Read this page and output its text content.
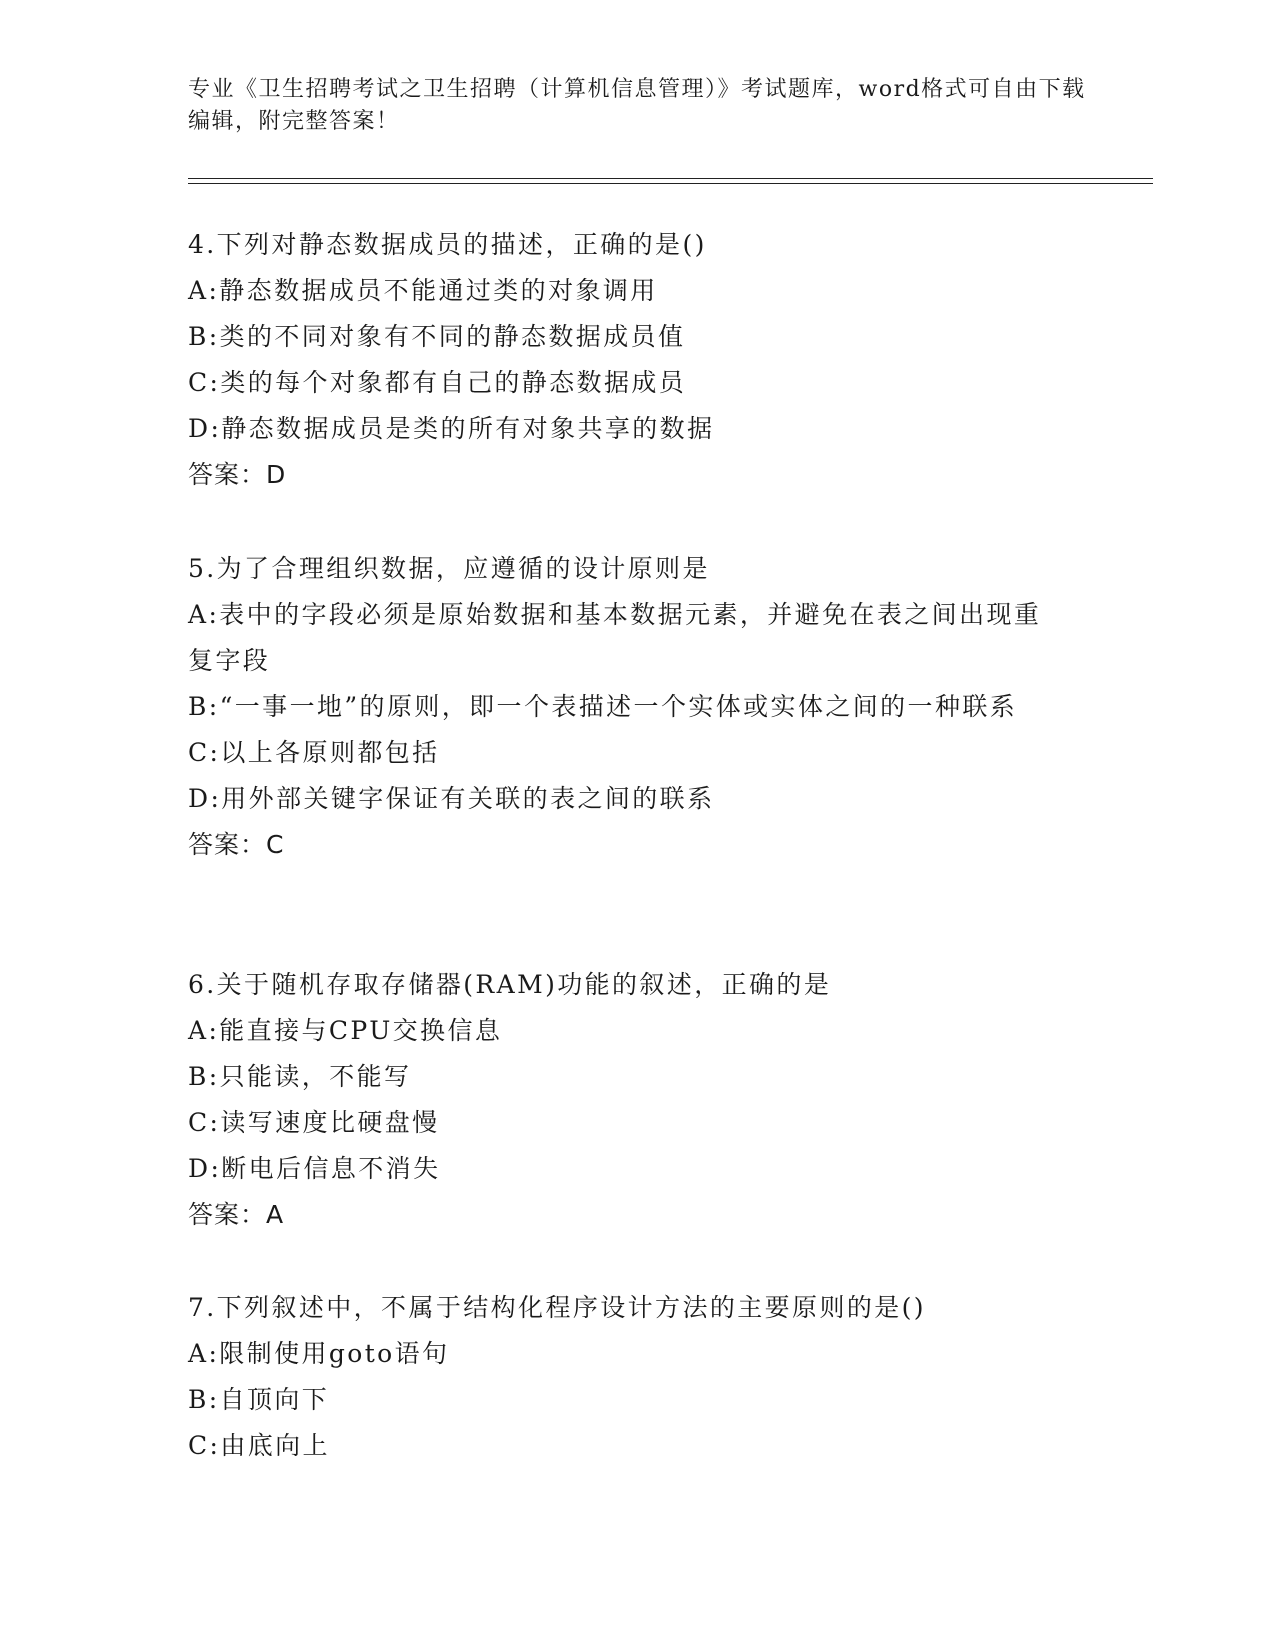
专业《卫生招聘考试之卫生招聘（计算机信息管理）》考试题库，word格式可自由下载编辑，附完整答案！
4.下列对静态数据成员的描述，正确的是()
A:静态数据成员不能通过类的对象调用
B:类的不同对象有不同的静态数据成员值
C:类的每个对象都有自己的静态数据成员
D:静态数据成员是类的所有对象共享的数据
答案：D
5.为了合理组织数据，应遵循的设计原则是
A:表中的字段必须是原始数据和基本数据元素，并避免在表之间出现重复字段
B:“一事一地”的原则，即一个表描述一个实体或实体之间的一种联系
C:以上各原则都包括
D:用外部关键字保证有关联的表之间的联系
答案：C
6.关于随机存取存储器(RAM)功能的叙述，正确的是
A:能直接与CPU交换信息
B:只能读，不能写
C:读写速度比硬盘慢
D:断电后信息不消失
答案：A
7.下列叙述中，不属于结构化程序设计方法的主要原则的是()
A:限制使用goto语句
B:自顶向下
C:由底向上
